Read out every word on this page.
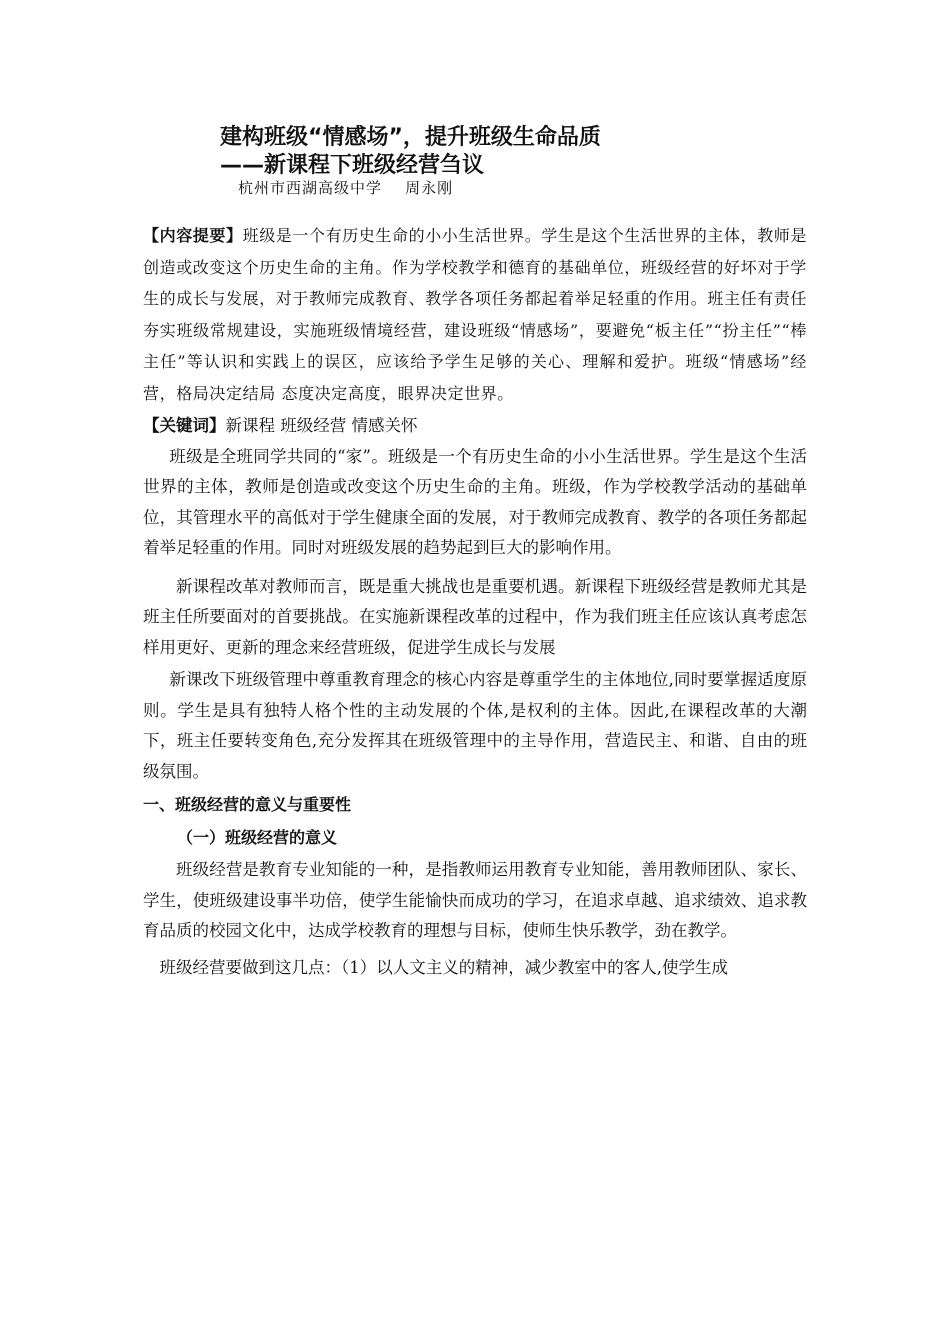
建构班级“情感场”，提升班级生命品质
——新课程下班级经营刍议
杭州市西湖高级中学    周永刚

【内容提要】班级是一个有历史生命的小小生活世界。学生是这个生活世界的主体，教师是创造或改变这个历史生命的主角。作为学校教学和德育的基础单位，班级经营的好坏对于学生的成长与发展，对于教师完成教育、教学各项任务都起着举足轻重的作用。班主任有责任夯实班级常规建设，实施班级情境经营，建设班级“情感场”，要避免“板主任”“扮主任”“棒主任”等认识和实践上的误区，应该给予学生足够的关心、理解和爱护。班级“情感场”经营，格局决定结局 态度决定高度，眼界决定世界。

【关键词】新课程 班级经营 情感关怀

班级是全班同学共同的“家”。班级是一个有历史生命的小小生活世界。学生是这个生活世界的主体，教师是创造或改变这个历史生命的主角。班级，作为学校教学活动的基础单位，其管理水平的高低对于学生健康全面的发展，对于教师完成教育、教学的各项任务都起着举足轻重的作用。同时对班级发展的趋势起到巨大的影响作用。

新课程改革对教师而言，既是重大挑战也是重要机遇。新课程下班级经营是教师尤其是班主任所要面对的首要挑战。在实施新课程改革的过程中，作为我们班主任应该认真考虑怎样用更好、更新的理念来经营班级，促进学生成长与发展

新课改下班级管理中尊重教育理念的核心内容是尊重学生的主体地位,同时要掌握适度原则。学生是具有独特人格个性的主动发展的个体,是权利的主体。因此,在课程改革的大潮下，班主任要转变角色,充分发挥其在班级管理中的主导作用，营造民主、和谐、自由的班级氛围。

一、班级经营的意义与重要性
（一）班级经营的意义

班级经营是教育专业知能的一种，是指教师运用教育专业知能，善用教师团队、家长、学生，使班级建设事半功倍，使学生能愉快而成功的学习，在追求卓越、追求绩效、追求教育品质的校园文化中，达成学校教育的理想与目标，使师生快乐教学，劲在教学。

班级经营要做到这几点：（1）以人文主义的精神，减少教室中的客人,使学生成
